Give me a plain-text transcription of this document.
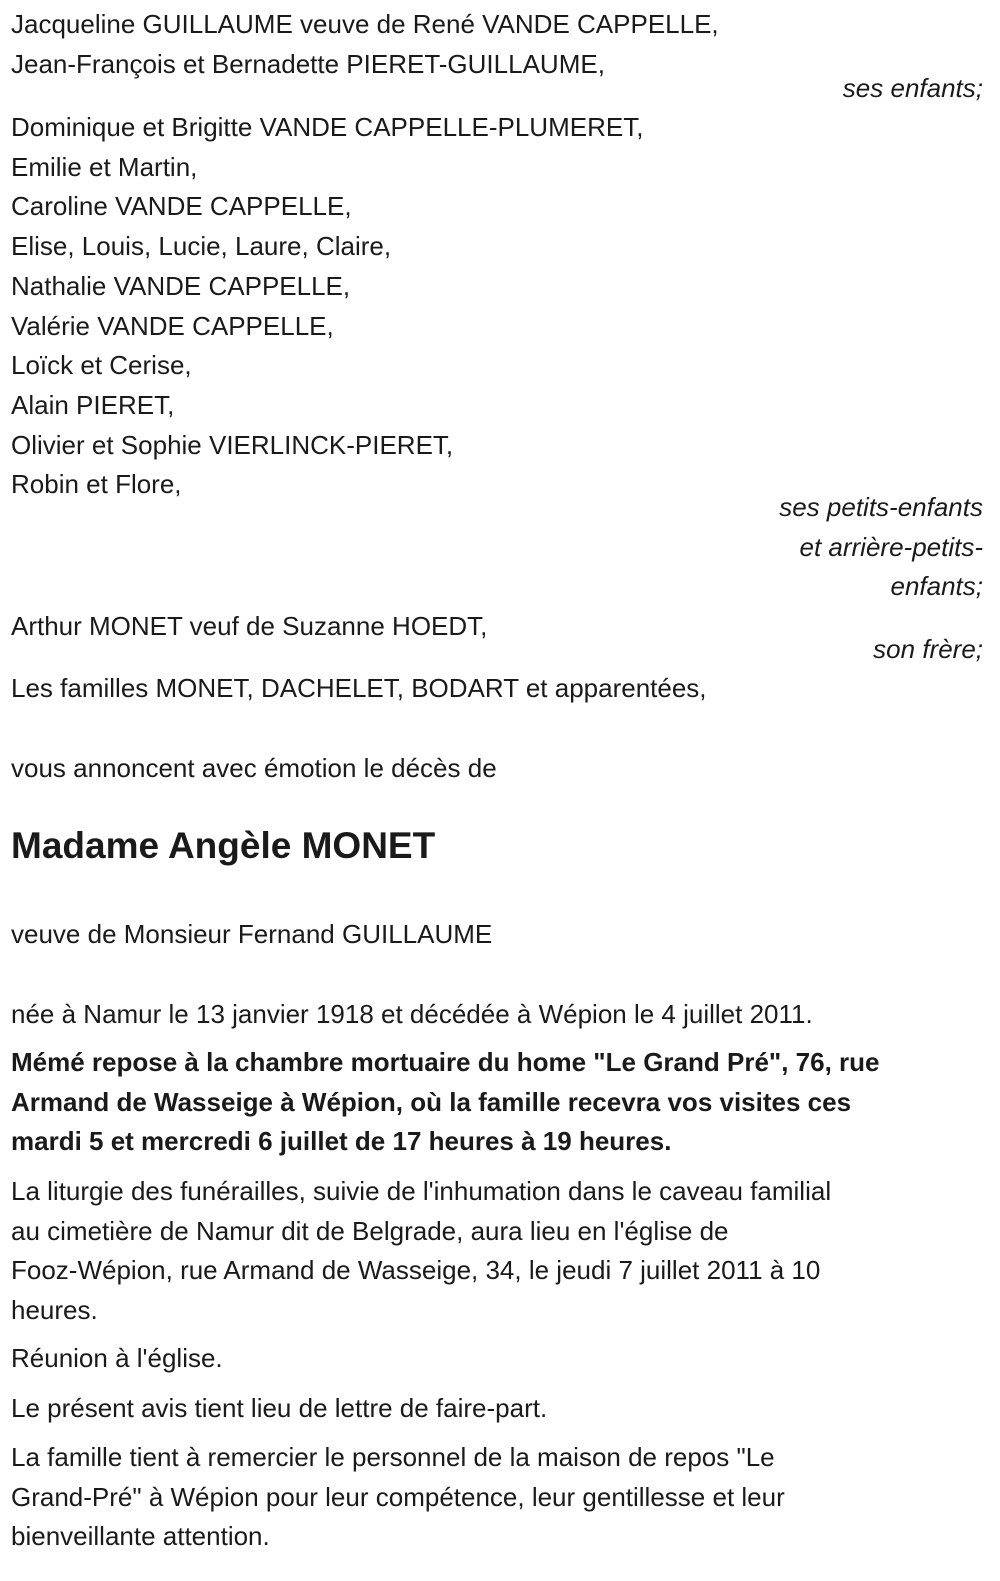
Jacqueline GUILLAUME veuve de René VANDE CAPPELLE,
Jean-François et Bernadette PIERET-GUILLAUME,
ses enfants;
Dominique et Brigitte VANDE CAPPELLE-PLUMERET,
Emilie et Martin,
Caroline VANDE CAPPELLE,
Elise, Louis, Lucie, Laure, Claire,
Nathalie VANDE CAPPELLE,
Valérie VANDE CAPPELLE,
Loïck et Cerise,
Alain PIERET,
Olivier et Sophie VIERLINCK-PIERET,
Robin et Flore,
ses petits-enfants
et arrière-petits-
enfants;
Arthur MONET veuf de Suzanne HOEDT,
son frère;
Les familles MONET, DACHELET, BODART et apparentées,
vous annoncent avec émotion le décès de
Madame Angèle MONET
veuve de Monsieur Fernand GUILLAUME
née à Namur le 13 janvier 1918 et décédée à Wépion le 4 juillet 2011.
Mémé repose à la chambre mortuaire du home "Le Grand Pré", 76, rue
Armand de Wasseige à Wépion, où la famille recevra vos visites ces
mardi 5 et mercredi 6 juillet de 17 heures à 19 heures.
La liturgie des funérailles, suivie de l'inhumation dans le caveau familial
au cimetière de Namur dit de Belgrade, aura lieu en l'église de
Fooz-Wépion, rue Armand de Wasseige, 34, le jeudi 7 juillet 2011 à 10
heures.
Réunion à l'église.
Le présent avis tient lieu de lettre de faire-part.
La famille tient à remercier le personnel de la maison de repos "Le
Grand-Pré" à Wépion pour leur compétence, leur gentillesse et leur
bienveillante attention.
